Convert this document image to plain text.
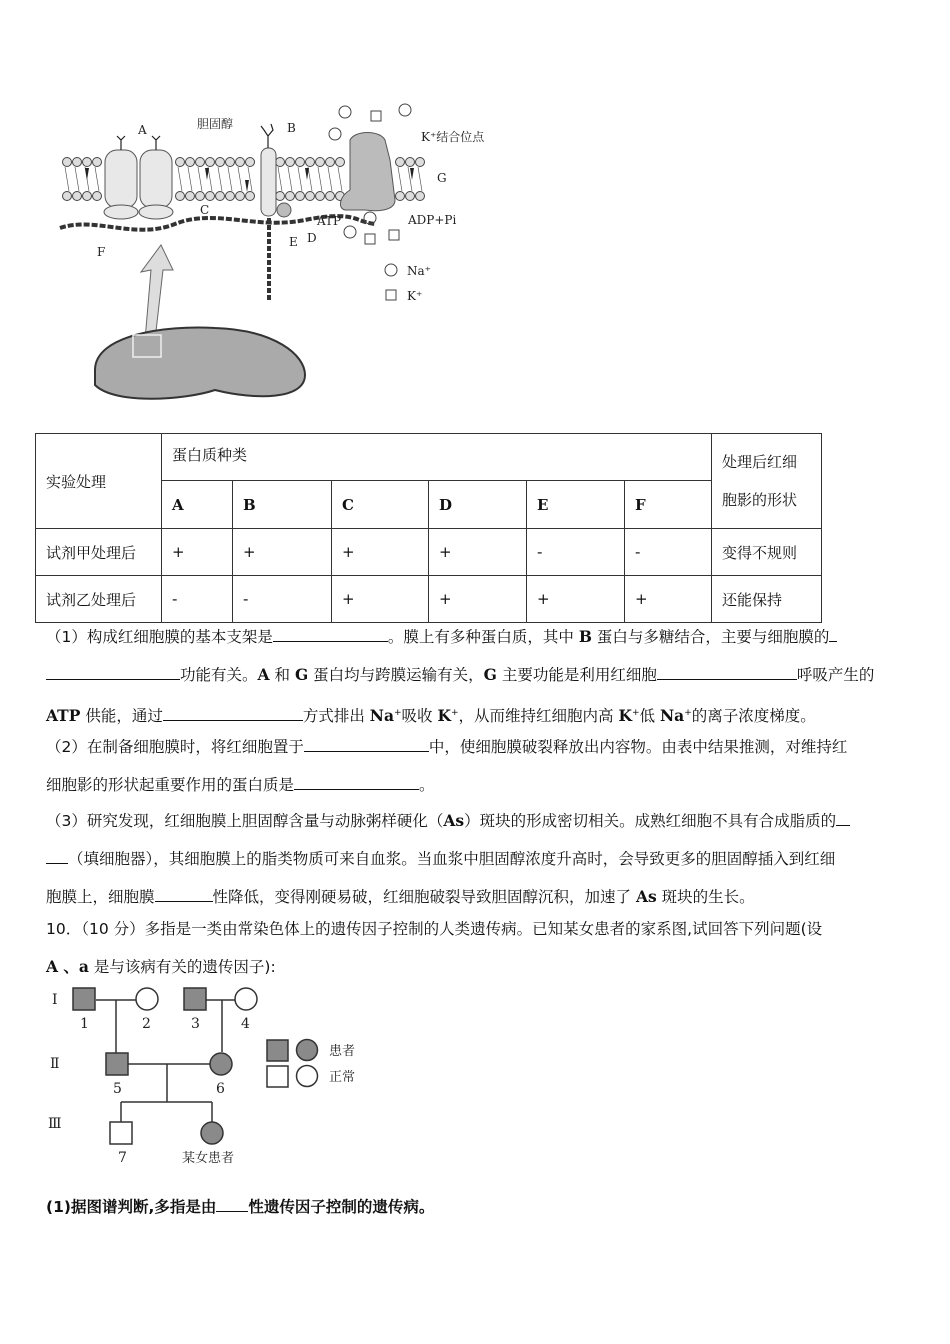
A	胆固醇	B
K⁺结合位点
G
C
ATP	ADP+Pi
D
E
F
Na⁺
K⁺
实验处理	蛋白质种类						处理后红细
胞影的形状

	A	B	C	D	E	F	
试剂甲处理后	+	+	+	+	-	-	变得不规则
试剂乙处理后	-	-	+	+	+	+	还能保持
（1）构成红细胞膜的基本支架是	。膜上有多种蛋白质，其中 B 蛋白与多糖结合，主要与细胞膜的
功能有关。A 和 G 蛋白均与跨膜运输有关，G 主要功能是利用红细胞	呼吸产生的
ATP 供能，通过	方式排出 Na+吸收 K+，从而维持红细胞内高 K+低 Na+的离子浓度梯度。
（2）在制备细胞膜时，将红细胞置于	中，使细胞膜破裂释放出内容物。由表中结果推测，对维持红
细胞影的形状起重要作用的蛋白质是	。
（3）研究发现，红细胞膜上胆固醇含量与动脉粥样硬化（As）斑块的形成密切相关。成熟红细胞不具有合成脂质的
（填细胞器），其细胞膜上的脂类物质可来自血浆。当血浆中胆固醇浓度升高时，会导致更多的胆固醇插入到红细
胞膜上，细胞膜	性降低，变得刚硬易破，红细胞破裂导致胆固醇沉积，加速了 As 斑块的生长。
10．（10 分）多指是一类由常染色体上的遗传因子控制的人类遗传病。已知某女患者的家系图,试回答下列问题(设
A 、a 是与该病有关的遗传因子):
Ⅰ
Ⅱ
Ⅲ
1	2	3	4
5	6
7	某女患者
患者
正常
(1)据图谱判断,多指是由 性遗传因子控制的遗传病。
